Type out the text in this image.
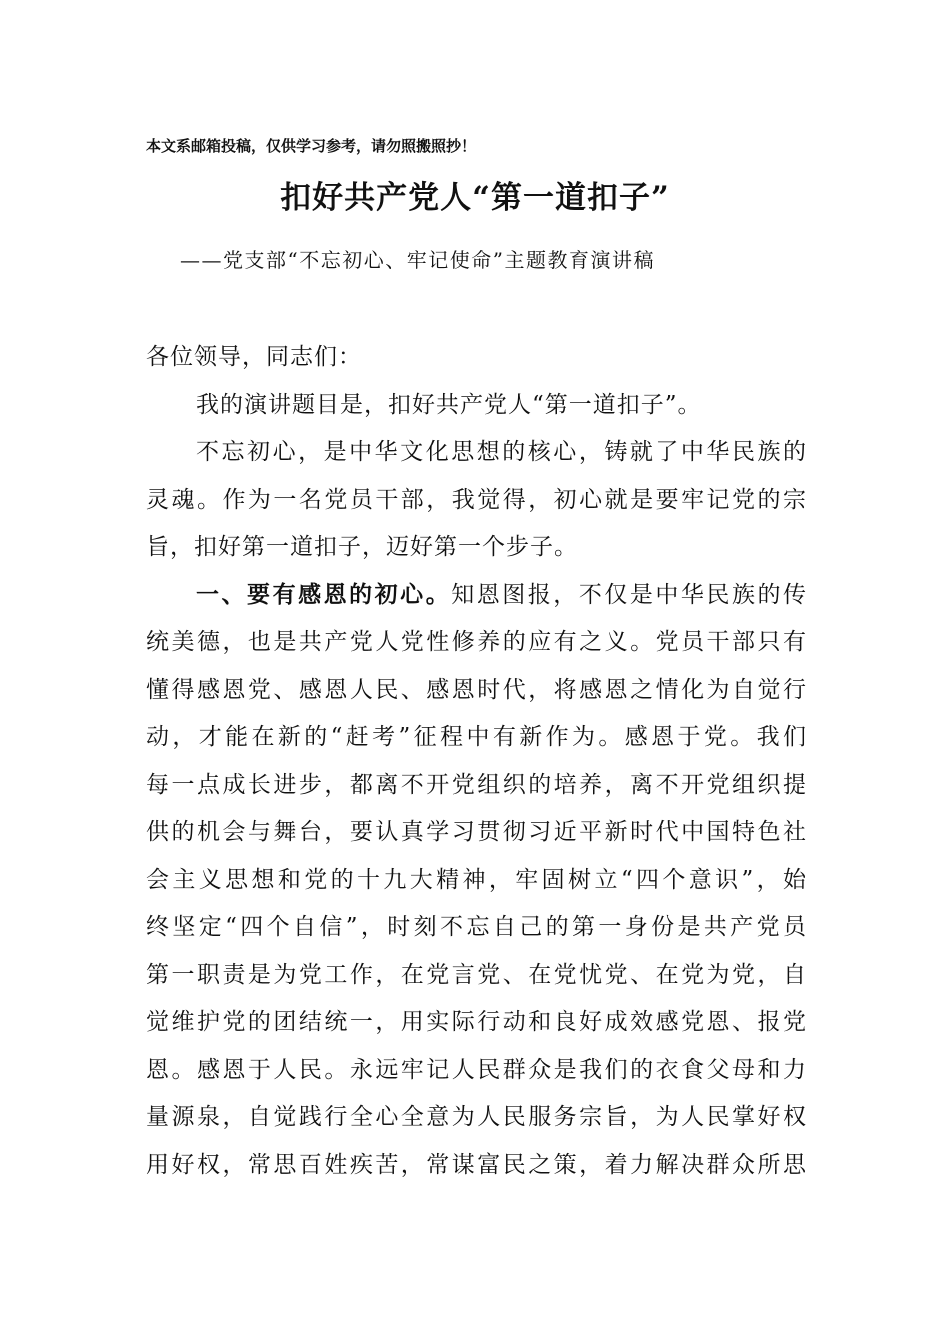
本文系邮箱投稿，仅供学习参考，请勿照搬照抄！
扣好共产党人“第一道扣子”
——党支部“不忘初心、牢记使命”主题教育演讲稿
各位领导，同志们：
我的演讲题目是，扣好共产党人“第一道扣子”。
不忘初心，是中华文化思想的核心，铸就了中华民族的
灵魂。作为一名党员干部，我觉得，初心就是要牢记党的宗
旨，扣好第一道扣子，迈好第一个步子。
一、要有感恩的初心。知恩图报，不仅是中华民族的传
统美德，也是共产党人党性修养的应有之义。党员干部只有
懂得感恩党、感恩人民、感恩时代，将感恩之情化为自觉行
动，才能在新的“赶考”征程中有新作为。感恩于党。我们
每一点成长进步，都离不开党组织的培养，离不开党组织提
供的机会与舞台，要认真学习贯彻习近平新时代中国特色社
会主义思想和党的十九大精神，牢固树立“四个意识”，始
终坚定“四个自信”，时刻不忘自己的第一身份是共产党员
第一职责是为党工作，在党言党、在党忧党、在党为党，自
觉维护党的团结统一，用实际行动和良好成效感党恩、报党
恩。感恩于人民。永远牢记人民群众是我们的衣食父母和力
量源泉，自觉践行全心全意为人民服务宗旨，为人民掌好权
用好权，常思百姓疾苦，常谋富民之策，着力解决群众所思
